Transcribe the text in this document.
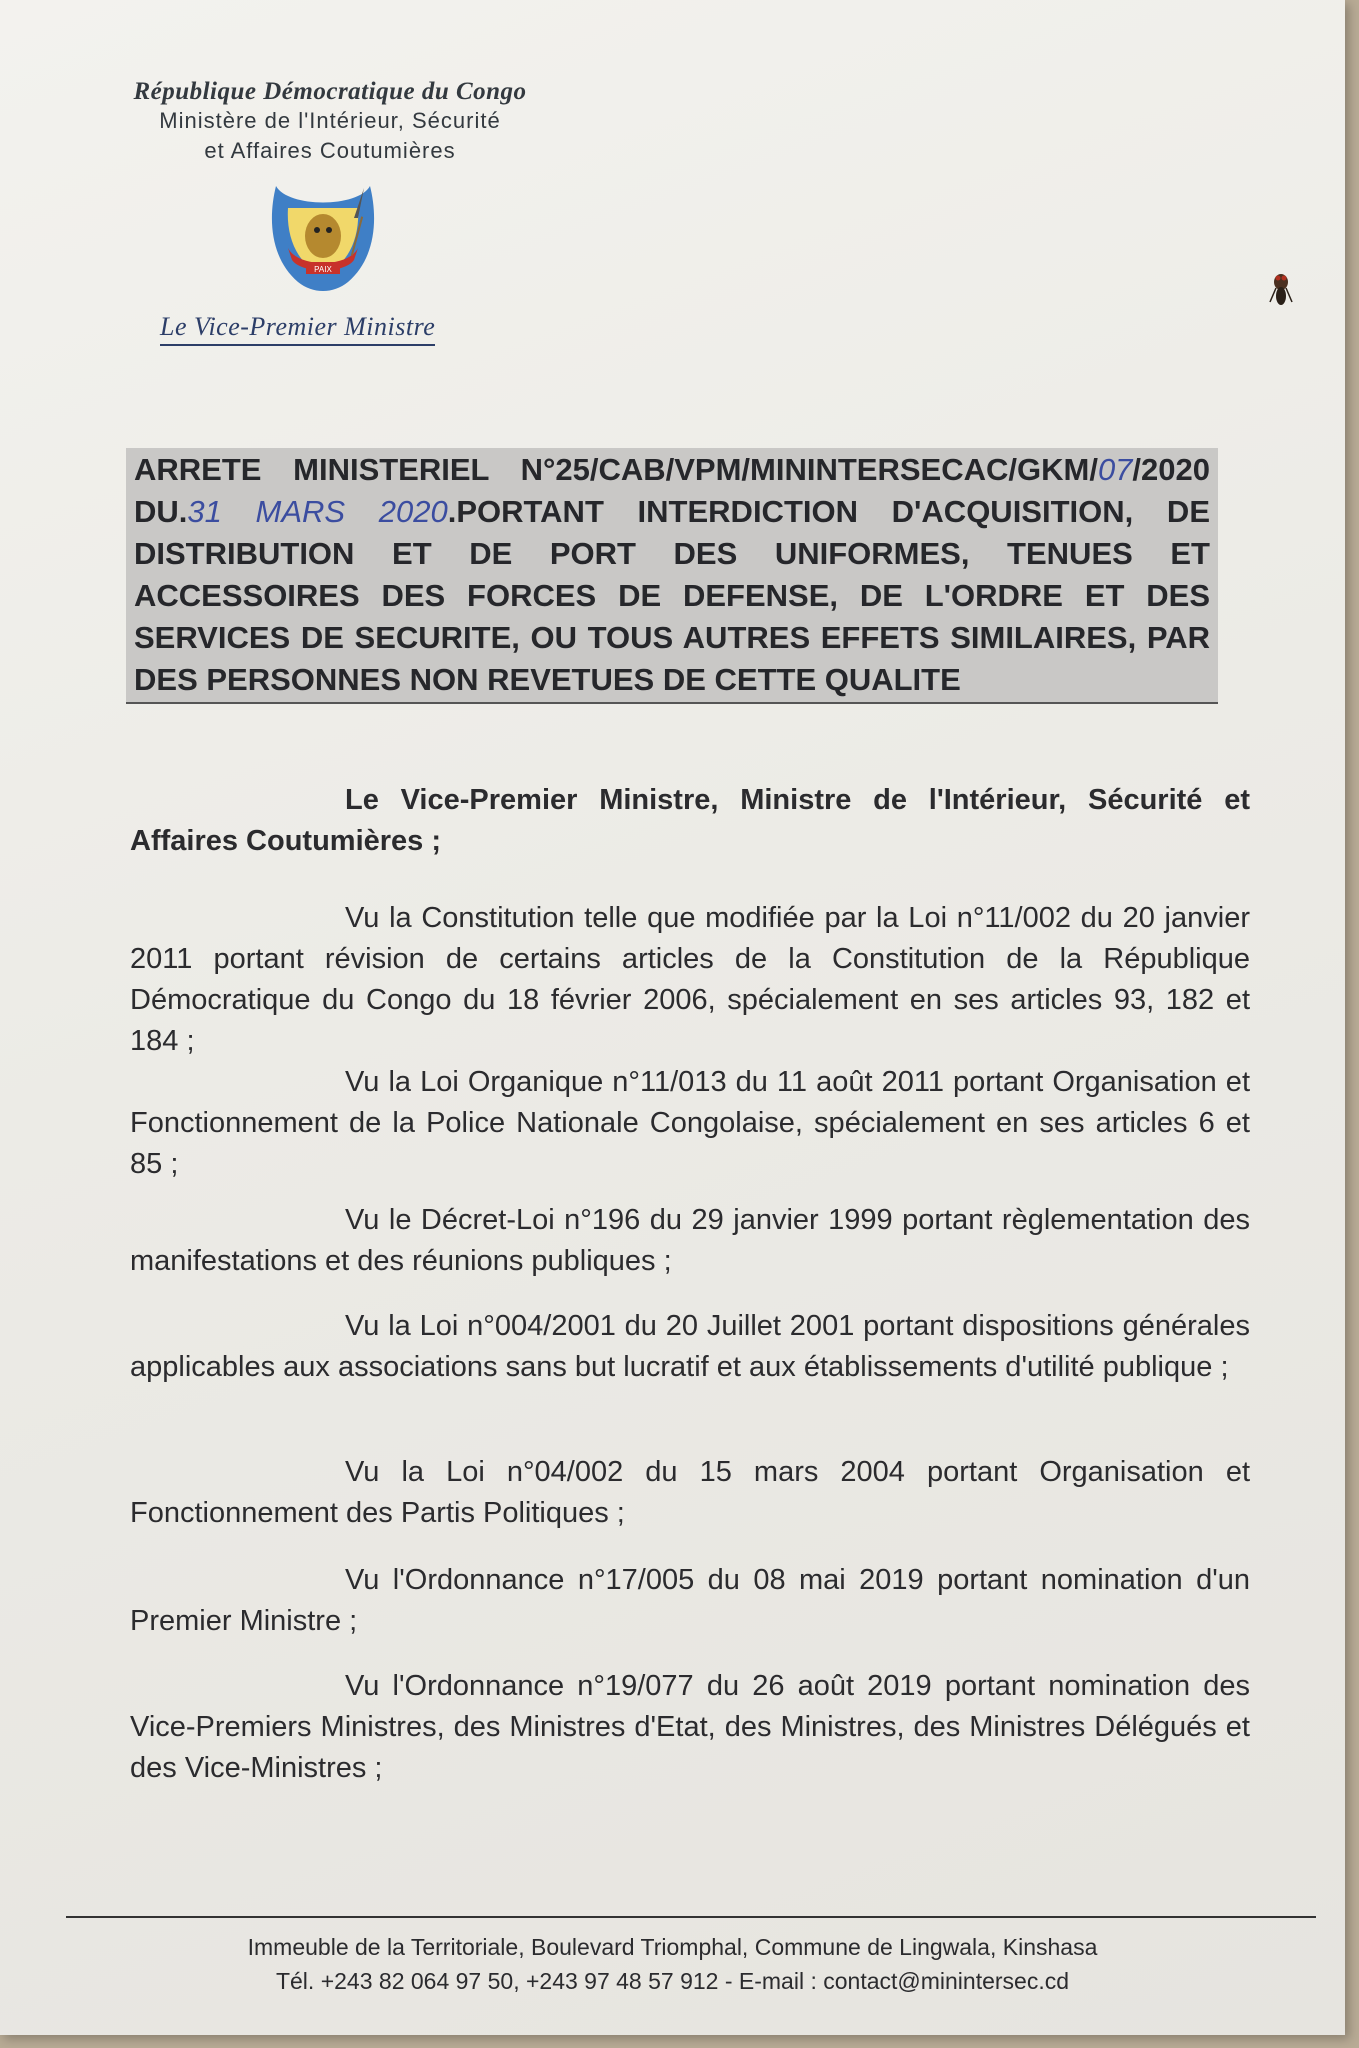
République Démocratique du Congo
Ministère de l'Intérieur, Sécurité
et Affaires Coutumières
PAIX
Le Vice-Premier Ministre
ARRETE MINISTERIEL N°25/CAB/VPM/MININTERSECAC/GKM/07/2020
DU.31 MARS 2020.PORTANT INTERDICTION D'ACQUISITION, DE
DISTRIBUTION ET DE PORT DES UNIFORMES, TENUES ET
ACCESSOIRES DES FORCES DE DEFENSE, DE L'ORDRE ET DES
SERVICES DE SECURITE, OU TOUS AUTRES EFFETS SIMILAIRES, PAR
DES PERSONNES NON REVETUES DE CETTE QUALITE
Le Vice-Premier Ministre, Ministre de l'Intérieur, Sécurité et Affaires Coutumières ;
Vu la Constitution telle que modifiée par la Loi n°11/002 du 20 janvier 2011 portant révision de certains articles de la Constitution de la République Démocratique du Congo du 18 février 2006, spécialement en ses articles 93, 182 et 184 ;
Vu la Loi Organique n°11/013 du 11 août 2011 portant Organisation et Fonctionnement de la Police Nationale Congolaise, spécialement en ses articles 6 et 85 ;
Vu le Décret-Loi n°196 du 29 janvier 1999 portant règlementation des manifestations et des réunions publiques ;
Vu la Loi n°004/2001 du 20 Juillet 2001 portant dispositions générales applicables aux associations sans but lucratif et aux établissements d'utilité publique ;
Vu la Loi n°04/002 du 15 mars 2004 portant Organisation et Fonctionnement des Partis Politiques ;
Vu l'Ordonnance n°17/005 du 08 mai 2019 portant nomination d'un Premier Ministre ;
Vu l'Ordonnance n°19/077 du 26 août 2019 portant nomination des Vice-Premiers Ministres, des Ministres d'Etat, des Ministres, des Ministres Délégués et des Vice-Ministres ;
Immeuble de la Territoriale, Boulevard Triomphal, Commune de Lingwala, Kinshasa
Tél. +243 82 064 97 50, +243 97 48 57 912 - E-mail : contact@minintersec.cd
